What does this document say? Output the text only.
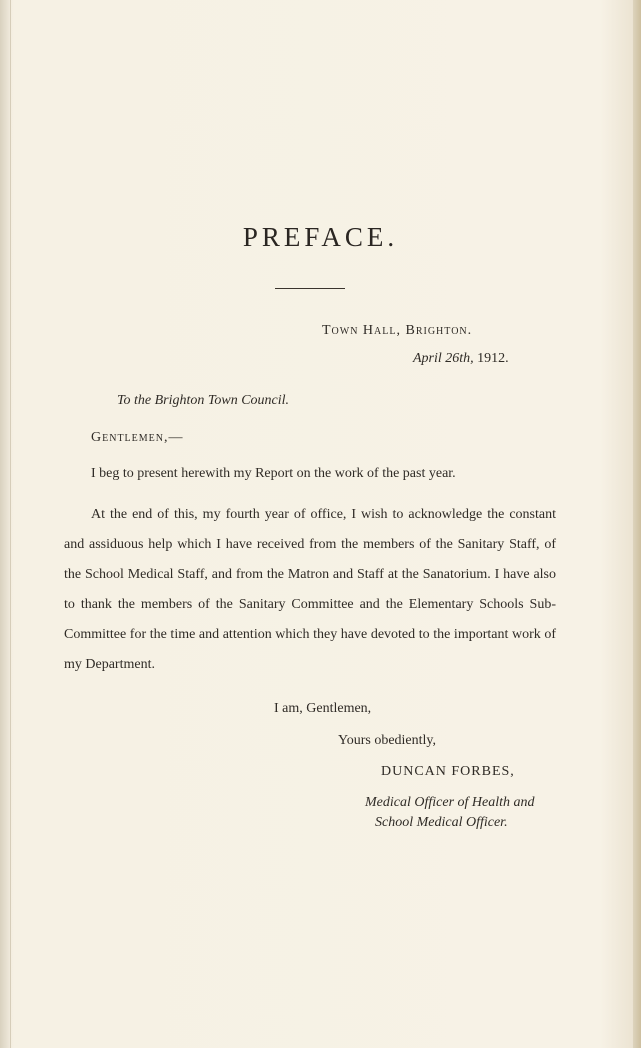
PREFACE.
Town Hall, Brighton.
April 26th, 1912.
To the Brighton Town Council.
Gentlemen,—
I beg to present herewith my Report on the work of the past year.
At the end of this, my fourth year of office, I wish to acknowledge the constant and assiduous help which I have received from the members of the Sanitary Staff, of the School Medical Staff, and from the Matron and Staff at the Sanatorium. I have also to thank the members of the Sanitary Committee and the Elementary Schools Sub-Committee for the time and attention which they have devoted to the important work of my Department.
I am, Gentlemen,
Yours obediently,
DUNCAN FORBES,
Medical Officer of Health and
School Medical Officer.
